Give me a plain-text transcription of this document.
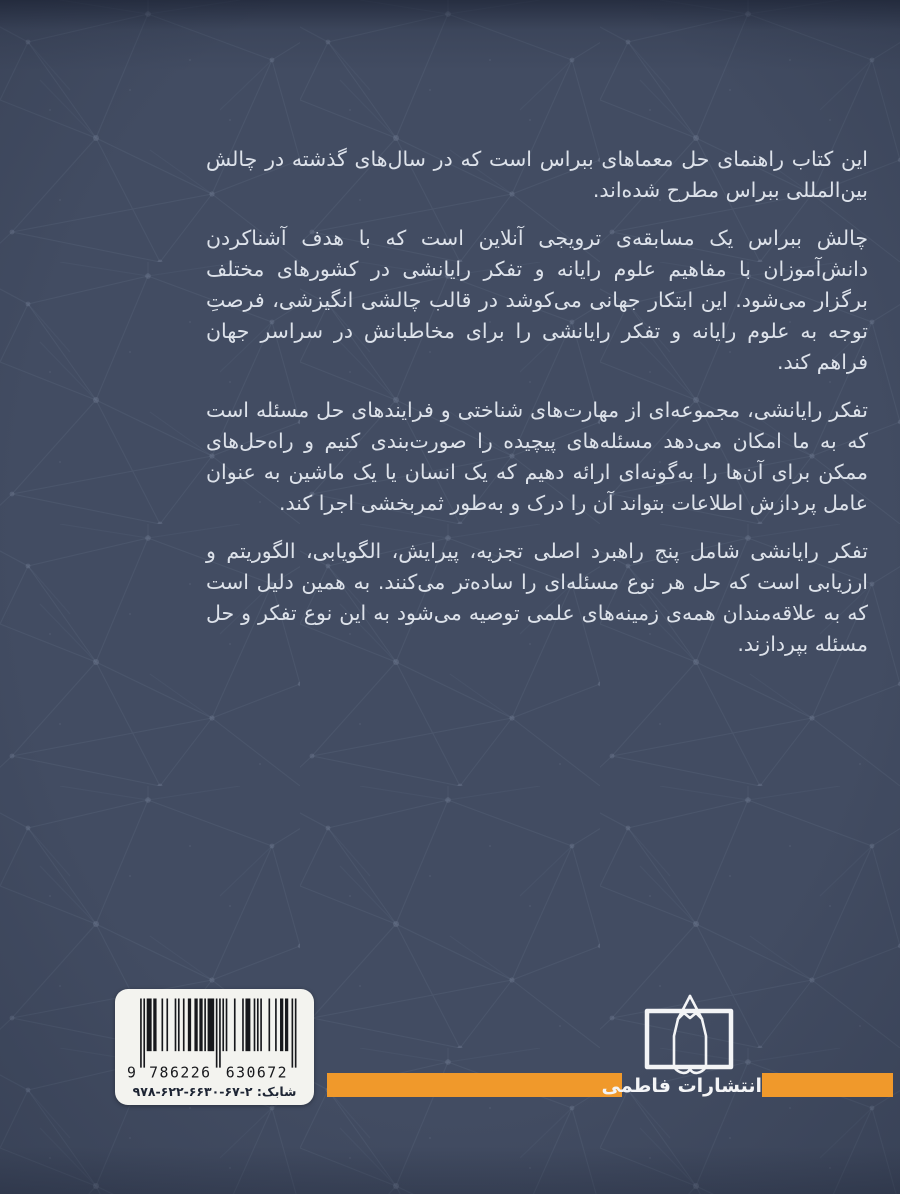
این کتاب راهنمای حل معماهای ببراس است که در سال‌های گذشته در چالش بین‌المللی ببراس مطرح شده‌اند.

چالش ببراس یک مسابقه‌ی ترویجی آنلاین است که با هدف آشناکردن دانش‌آموزان با مفاهیم علوم رایانه و تفکر رایانشی در کشورهای مختلف برگزار می‌شود. این ابتکار جهانی می‌کوشد در قالب چالشی انگیزشی، فرصتِ توجه به علوم رایانه و تفکر رایانشی را برای مخاطبانش در سراسر جهان فراهم کند.

تفکر رایانشی، مجموعه‌ای از مهارت‌های شناختی و فرایندهای حل مسئله است که به ما امکان می‌دهد مسئله‌های پیچیده را صورت‌بندی کنیم و راه‌حل‌های ممکن برای آن‌ها را به‌گونه‌ای ارائه دهیم که یک انسان یا یک ماشین به عنوان عامل پردازش اطلاعات بتواند آن را درک و به‌طور ثمربخشی اجرا کند.

تفکر رایانشی شامل پنج راهبرد اصلی تجزیه، پیرایش، الگویابی، الگوریتم و ارزیابی است که حل هر نوع مسئله‌ای را ساده‌تر می‌کنند. به همین دلیل است که به علاقه‌مندان همه‌ی زمینه‌های علمی توصیه می‌شود به این نوع تفکر و حل مسئله بپردازند.

9 786226 630672
شابک: ۹۷۸-۶۲۲-۶۶۳۰-۶۷-۲	انتشارات فاطمی
